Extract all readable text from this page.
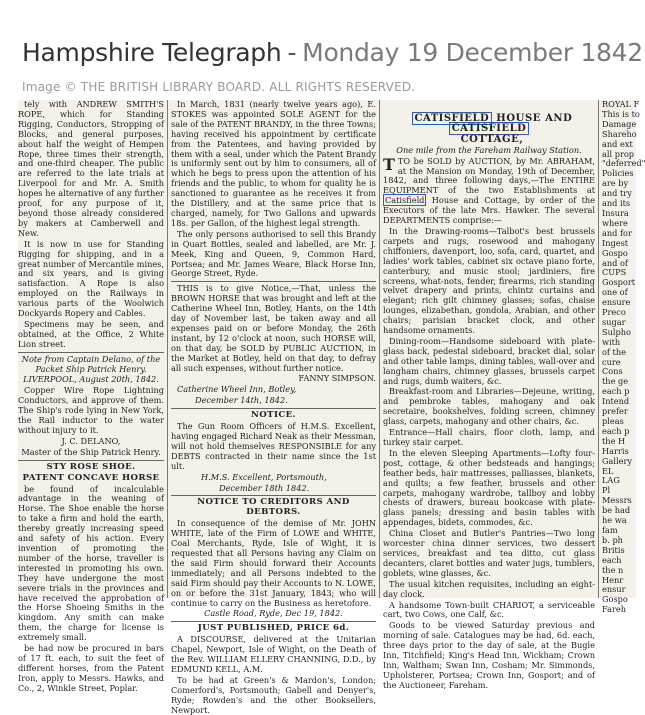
Hampshire Telegraph - Monday 19 December 1842
Image © THE BRITISH LIBRARY BOARD. ALL RIGHTS RESERVED.

tely with ANDREW SMITH'S ROPE, which for Standing Rigging, Conductors, Stropping of Blocks, and general purposes, about half the weight of Hempen Rope, three times their strength, and one-third cheaper. The public are referred to the late trials at Liverpool for and Mr. A. Smith hopes he alternative of any further proof, for any purpose of it, beyond those already considered by makers at Camberwell and New.

It is now in use for Standing Rigging for shipping, and in a great number of Mercantile mines, and six years, and is giving satisfaction. A Rope is also employed on the Railways in various parts of the Woolwich Dockyards Ropery and Cables.

Specimens may be seen, and obtained, at the Office, 2 White Lion street.

Note from Captain Delano, of the Packet Ship Patrick Henry.

LIVERPOOL, August 20th, 1842.

Copper Wire Rope Lightning Conductors, and approve of them. The Ship's rode lying in New York, the Rail inductor to the water without injury to it.

J. C. DELANO,

Master of the Ship Patrick Henry.

STY ROSE SHOE.

PATENT CONCAVE HORSE

be found of incalculable advantage in the weaning of Horse. The Shoe enable the horse to take a firm and hold the earth, thereby greatly increasing speed and safety of his action. Every invention of promoting the number of the horse, traveller is interested in promoting his own. They have undergone the most severe trials in the provinces and have received the approbation of the Horse Shoeing Smiths in the kingdom. Any smith can make them, the charge for license is extremely small.

be had now be procured in bars of 17 ft. each, to suit the feet of different horses, from the Patent Iron, apply to Messrs. Hawks, and Co., 2, Winkle Street, Poplar.

In March, 1831 (nearly twelve years ago), E. STOKES was appointed SOLE AGENT for the sale of the PATENT BRANDY, in the three Towns; having received his appointment by certificate from the Patentees, and having provided by them with a seal, under which the Patent Brandy is uniformly sent out by him to consumers, all of which he begs to press upon the attention of his friends and the public, to whom for quality he is sanctioned to guarantee as he receives it from the Distillery, and at the same price that is charged, namely, for Two Gallons and upwards 18s. per Gallon, of the highest legal strength.

The only persons authorised to sell this Brandy in Quart Bottles, sealed and labelled, are Mr. J. Meek, King and Queen, 9, Common Hard, Portsea; and Mr. James Weare, Black Horse Inn, George Street, Ryde.

THIS is to give Notice,—That, unless the BROWN HORSE that was brought and left at the Catherine Wheel Inn, Botley, Hants, on the 14th day of November last, be taken away and all expenses paid on or before Monday, the 26th instant, by 12 o'clock at noon, such HORSE will, on that day, be SOLD by PUBLIC AUCTION, in the Market at Botley, held on that day, to defray all such expenses, without further notice.

FANNY SIMPSON.

Catherine Wheel Inn, Botley,

December 14th, 1842.

NOTICE.

The Gun Room Officers of H.M.S. Excellent, having engaged Richard Neak as their Messman, will not hold themselves RESPONSIBLE for any DEBTS contracted in their name since the 1st ult.

H.M.S. Excellent, Portsmouth,

December 18th 1842.

NOTICE TO CREDITORS AND DEBTORS.

In consequence of the demise of Mr. JOHN WHITE, late of the Firm of LOWE and WHITE, Coal Merchants, Ryde, Isle of Wight, it is requested that all Persons having any Claim on the said Firm should forward their Accounts immediately; and all Persons indebted to the said Firm should pay their Accounts to N. LOWE, on or before the 31st January, 1843; who will continue to carry on the Business as heretofore.

Castle Road, Ryde, Dec 19, 1842.

JUST PUBLISHED, PRICE 6d.

A DISCOURSE, delivered at the Unitarian Chapel, Newport, Isle of Wight, on the Death of the Rev. WILLIAM ELLERY CHANNING, D.D., by EDMUND KELL, A.M.

To be had at Green's & Mardon's, London; Comerford's, Portsmouth; Gabell and Denyer's, Ryde; Rowden's and the other Booksellers, Newport.

CATISFIELD HOUSE AND CATISFIELD

COTTAGE,

One mile from the Fareham Railway Station.

TTO be SOLD by AUCTION, by Mr. ABRAHAM, at the Mansion on Monday, 19th of December, 1842, and three following days,—The ENTIRE EQUIPMENT of the two Establishments at Catisfield House and Cottage, by order of the Executors of the late Mrs. Hawker. The several DEPARTMENTS comprise:—

In the Drawing-rooms—Talbot's best brussels carpets and rugs, rosewood and mahogany chiffoniers, davenport, loo, sofa, card, quartet, and ladies' work tables, cabinet six octave piano forte, canterbury, and music stool; jardiniers, fire screens, what-nots, fender, firearms, rich standing velvet drapery and prints, chintz curtains and elegant; rich gilt chimney glasses; sofas, chaise lounges, elizabethan, gondola, Arabian, and other chairs; parisian bracket clock, and other handsome ornaments.

Dining-room—Handsome sideboard with plate-glass back, pedestal sideboard, bracket dial, solar and other table lamps, dining tables, wall-over and langham chairs, chimney glasses, brussels carpet and rugs, dumb waiters, &c.

Breakfast-room and Libraries—Dejeune, writing, and pembroke tables, mahogany and oak secretaire, bookshelves, folding screen, chimney glass, carpets, mahogany and other chairs, &c.

Entrance—Hall chairs, floor cloth, lamp, and turkey stair carpet.

In the eleven Sleeping Apartments—Lofty four-post, cottage, & other bedsteads and hangings; feather beds, hair mattresses, palliasses, blankets, and quilts; a few feather, brussels and other carpets, mahogany wardrobe, tallboy and lobby chests of drawers, bureau bookcase with plate-glass panels; dressing and basin tables with appendages, bidets, commodes, &c.

China Closet and Butler's Pantries—Two long worcester china dinner services, two dessert services, breakfast and tea ditto, cut glass decanters, claret bottles and water jugs, tumblers, goblets, wine glasses, &c.

The usual kitchen requisites, including an eight-day clock.

A handsome Town-built CHARIOT, a serviceable cart, two Cows, one Calf, &c.

Goods to be viewed Saturday previous and morning of sale. Catalogues may be had, 6d. each, three days prior to the day of sale, at the Bugle Inn, Titchfield; King's Head Inn, Wickham; Crown Inn, Waltham; Swan Inn, Cosham; Mr. Simmonds, Upholsterer, Portsea; Crown Inn, Gosport; and of the Auctioneer, Fareham.

ROYAL F
This is to
Damage
Shareho
and ext
all prop
"deferred"
Policies
are by
and try
and its
Insura
where
and for
Ingest
Gospo
and of
CUPS
Gosport
one of
ensure
Preco
sugar
Sulpho
with
of the
cure
Cons
the ge
each p
Intend
prefer
pleas
each p
the H
Harris
Gallery
EL
LAG
Pl
Messrs
be had
he wa
fam
b. ph
Britis
each
the n
Henr
ensur
Gospo
Fareh
